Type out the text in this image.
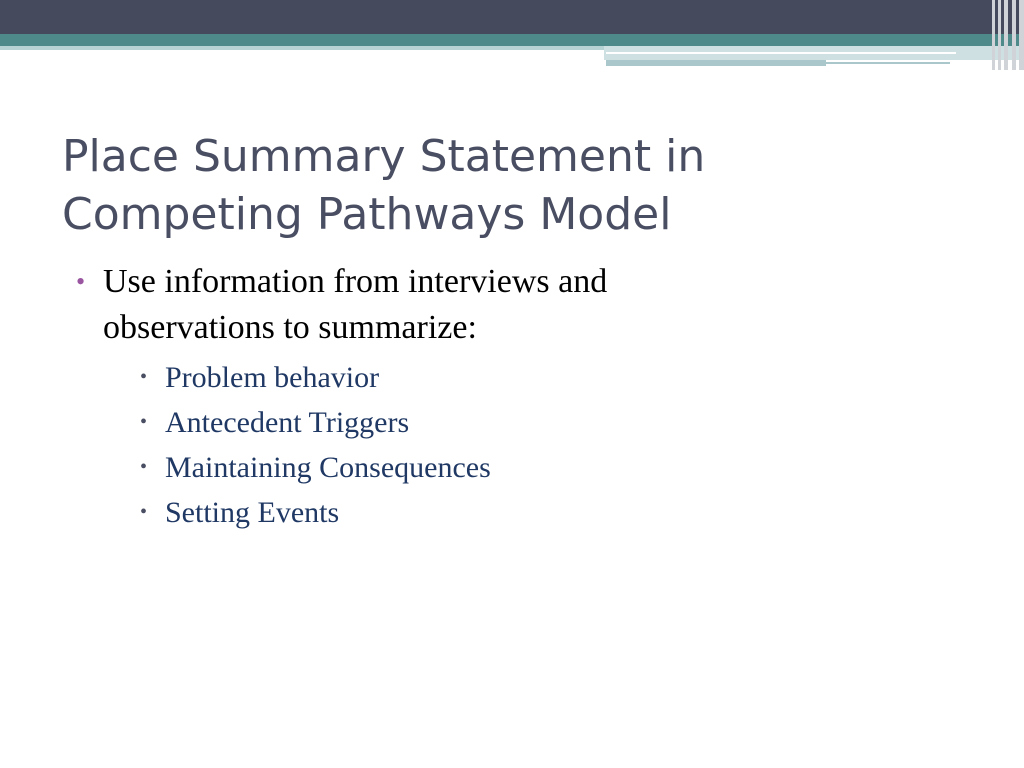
Place Summary Statement in
Competing Pathways Model
• Use information from interviews and
observations to summarize:
• Problem behavior
• Antecedent Triggers
• Maintaining Consequences
• Setting Events
